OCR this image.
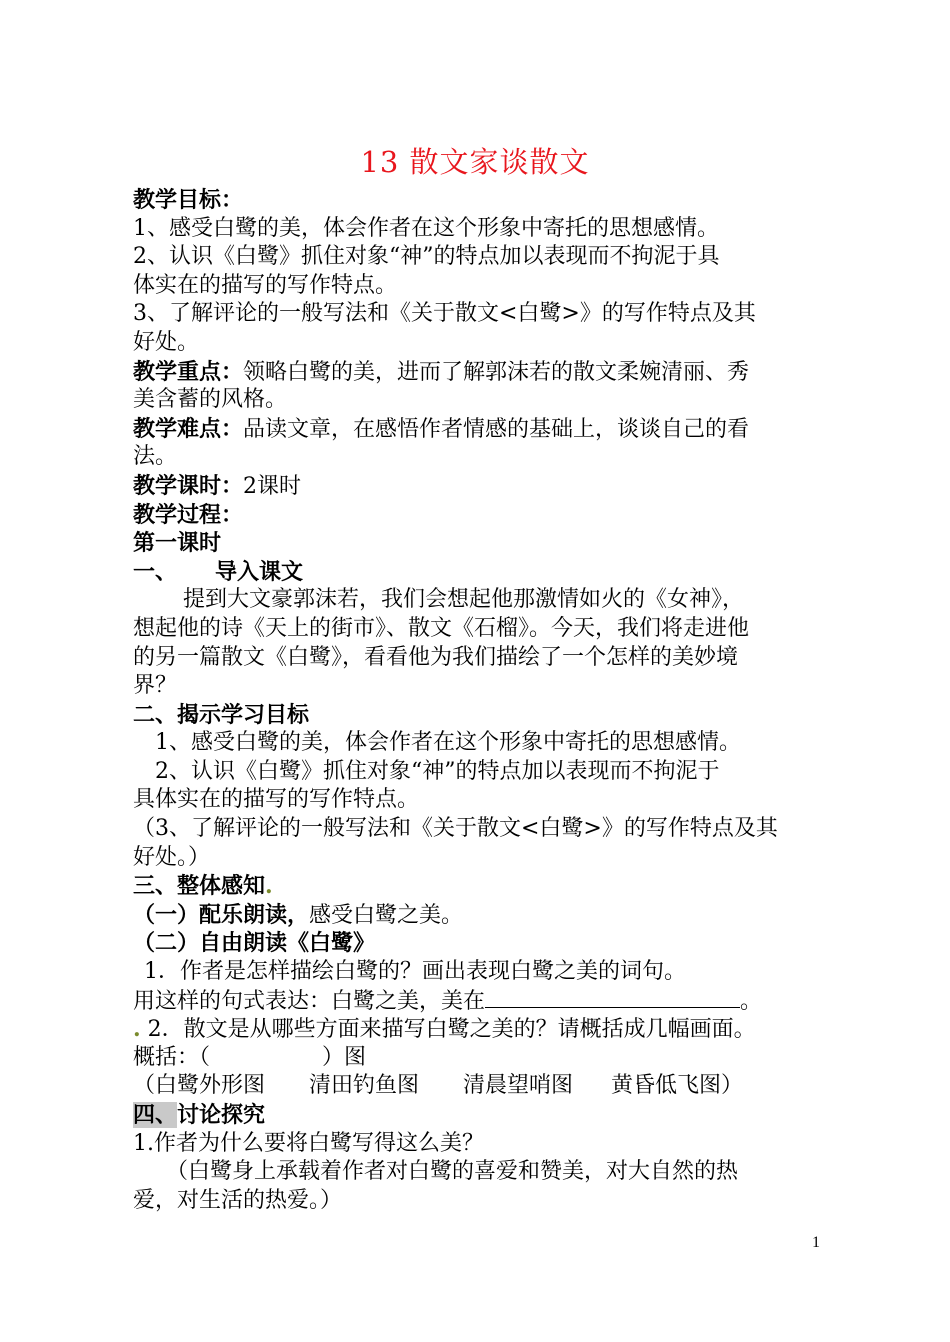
13 散文家谈散文
教学目标：
1、感受白鹭的美，体会作者在这个形象中寄托的思想感情。
2、认识《白鹭》抓住对象“神”的特点加以表现而不拘泥于具
体实在的描写的写作特点。
3、了解评论的一般写法和《关于散文<白鹭>》的写作特点及其
好处。
教学重点：领略白鹭的美，进而了解郭沫若的散文柔婉清丽、秀
美含蓄的风格。
教学难点：品读文章，在感悟作者情感的基础上，谈谈自己的看
法。
教学课时：2课时
教学过程：
第一课时
一、 导入课文
提到大文豪郭沫若，我们会想起他那激情如火的《女神》，
想起他的诗《天上的街市》、散文《石榴》。今天，我们将走进他
的另一篇散文《白鹭》，看看他为我们描绘了一个怎样的美妙境
界？
二、揭示学习目标
1、感受白鹭的美，体会作者在这个形象中寄托的思想感情。
2、认识《白鹭》抓住对象“神”的特点加以表现而不拘泥于
具体实在的描写的写作特点。
（3、了解评论的一般写法和《关于散文<白鹭>》的写作特点及其
好处。）
三、整体感知.
（一）配乐朗读，感受白鹭之美。
（二）自由朗读《白鹭》
1．作者是怎样描绘白鹭的？画出表现白鹭之美的词句。
用这样的句式表达：白鹭之美，美在	。
. 2．散文是从哪些方面来描写白鹭之美的？请概括成几幅画面。
概括：（	）图
（白鹭外形图 清田钓鱼图 清晨望哨图 黄昏低飞图）
四、讨论探究
1.作者为什么要将白鹭写得这么美？
（白鹭身上承载着作者对白鹭的喜爱和赞美，对大自然的热
爱，对生活的热爱。）
1
